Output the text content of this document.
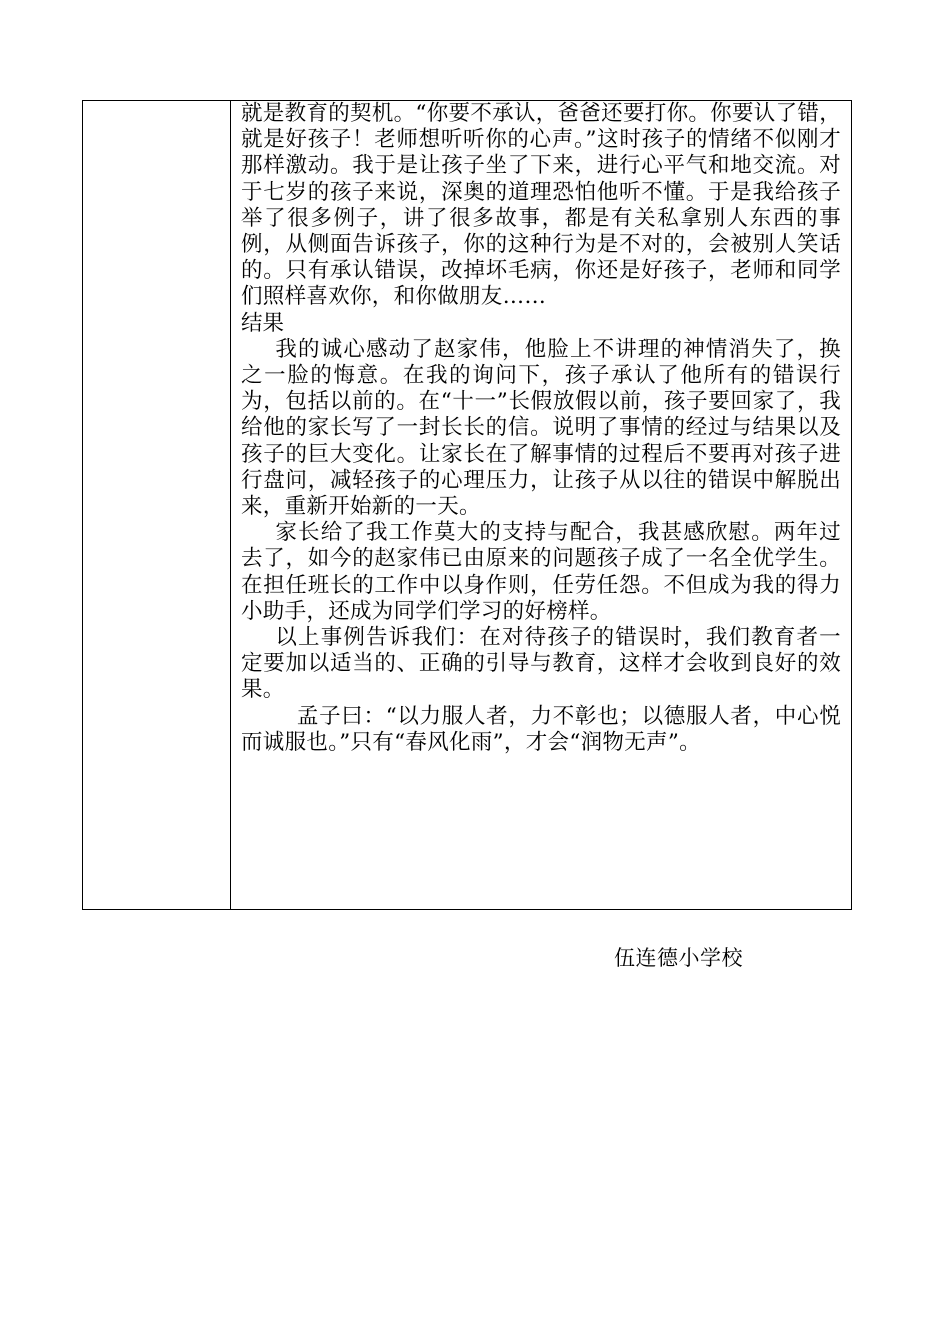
就是教育的契机。“你要不承认，爸爸还要打你。你要认了错，就是好孩子！老师想听听你的心声。”这时孩子的情绪不似刚才那样激动。我于是让孩子坐了下来，进行心平气和地交流。对于七岁的孩子来说，深奥的道理恐怕他听不懂。于是我给孩子举了很多例子，讲了很多故事，都是有关私拿别人东西的事例，从侧面告诉孩子，你的这种行为是不对的，会被别人笑话的。只有承认错误，改掉坏毛病，你还是好孩子，老师和同学们照样喜欢你，和你做朋友……

结果

我的诚心感动了赵家伟，他脸上不讲理的神情消失了，换之一脸的悔意。在我的询问下，孩子承认了他所有的错误行为，包括以前的。在“十一”长假放假以前，孩子要回家了，我给他的家长写了一封长长的信。说明了事情的经过与结果以及孩子的巨大变化。让家长在了解事情的过程后不要再对孩子进行盘问，减轻孩子的心理压力，让孩子从以往的错误中解脱出来，重新开始新的一天。

家长给了我工作莫大的支持与配合，我甚感欣慰。两年过去了，如今的赵家伟已由原来的问题孩子成了一名全优学生。在担任班长的工作中以身作则，任劳任怨。不但成为我的得力小助手，还成为同学们学习的好榜样。

以上事例告诉我们：在对待孩子的错误时，我们教育者一定要加以适当的、正确的引导与教育，这样才会收到良好的效果。

孟子曰：“以力服人者，力不彰也；以德服人者，中心悦而诚服也。”只有“春风化雨”，才会“润物无声”。

伍连德小学校
